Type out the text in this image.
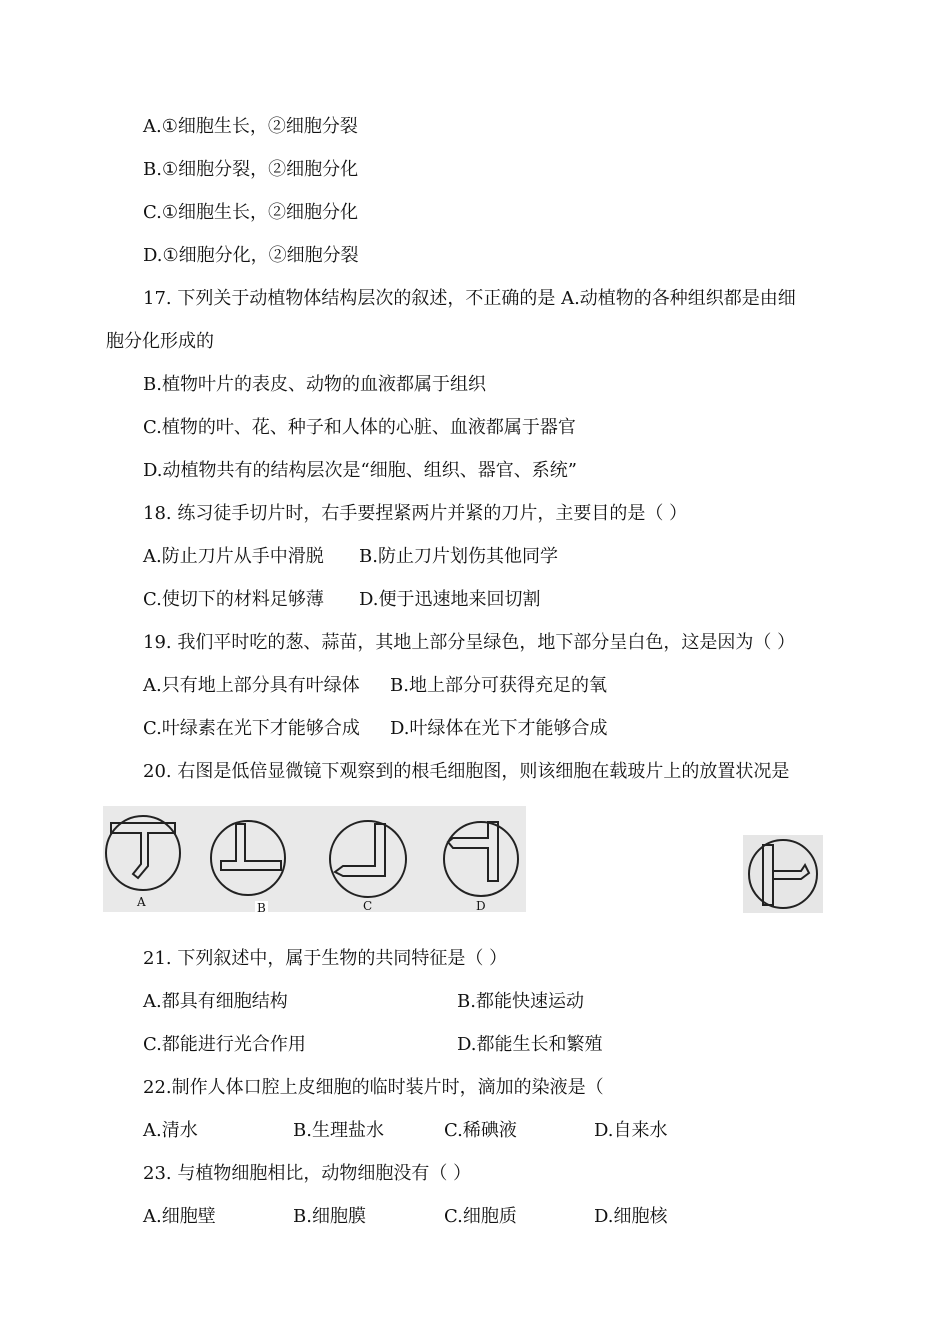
A.①细胞生长，②细胞分裂
B.①细胞分裂，②细胞分化
C.①细胞生长，②细胞分化
D.①细胞分化，②细胞分裂
17. 下列关于动植物体结构层次的叙述，不正确的是 A.动植物的各种组织都是由细
胞分化形成的
B.植物叶片的表皮、动物的血液都属于组织
C.植物的叶、花、种子和人体的心脏、血液都属于器官
D.动植物共有的结构层次是“细胞、组织、器官、系统”
18. 练习徒手切片时，右手要捏紧两片并紧的刀片，主要目的是（ ）
A.防止刀片从手中滑脱 B.防止刀片划伤其他同学
C.使切下的材料足够薄 D.便于迅速地来回切割
19. 我们平时吃的葱、蒜苗，其地上部分呈绿色，地下部分呈白色，这是因为（ ）
A.只有地上部分具有叶绿体 B.地上部分可获得充足的氧
C.叶绿素在光下才能够合成 D.叶绿体在光下才能够合成
20. 右图是低倍显微镜下观察到的根毛细胞图，则该细胞在载玻片上的放置状况是
A	B	C	D
21. 下列叙述中，属于生物的共同特征是（ ）
A.都具有细胞结构	B.都能快速运动
C.都能进行光合作用	D.都能生长和繁殖
22.制作人体口腔上皮细胞的临时装片时，滴加的染液是（
A.清水	B.生理盐水	C.稀碘液	D.自来水
23. 与植物细胞相比，动物细胞没有（ ）
A.细胞壁	B.细胞膜	C.细胞质	D.细胞核
